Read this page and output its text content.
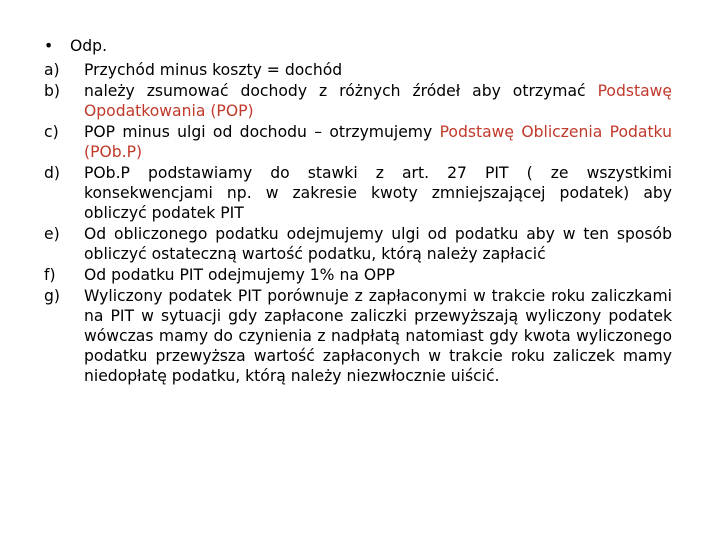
• Odp.
a)	Przychód minus koszty = dochód
b)	należy zsumować dochody z różnych źródeł aby otrzymać Podstawę Opodatkowania (POP)
c)	POP minus ulgi od dochodu – otrzymujemy Podstawę Obliczenia Podatku (POb.P)
d)	POb.P podstawiamy do stawki z art. 27 PIT ( ze wszystkimi konsekwencjami np. w zakresie kwoty zmniejszającej podatek) aby obliczyć podatek PIT
e)	Od obliczonego podatku odejmujemy ulgi od podatku aby w ten sposób obliczyć ostateczną wartość podatku, którą należy zapłacić
f)	Od podatku PIT odejmujemy 1% na OPP
g)	Wyliczony podatek PIT porównuje z zapłaconymi w trakcie roku zaliczkami na PIT w sytuacji gdy zapłacone zaliczki przewyższają wyliczony podatek wówczas mamy do czynienia z nadpłatą natomiast gdy kwota wyliczonego podatku przewyższa wartość zapłaconych w trakcie roku zaliczek mamy niedopłatę podatku, którą należy niezwłocznie uiścić.
